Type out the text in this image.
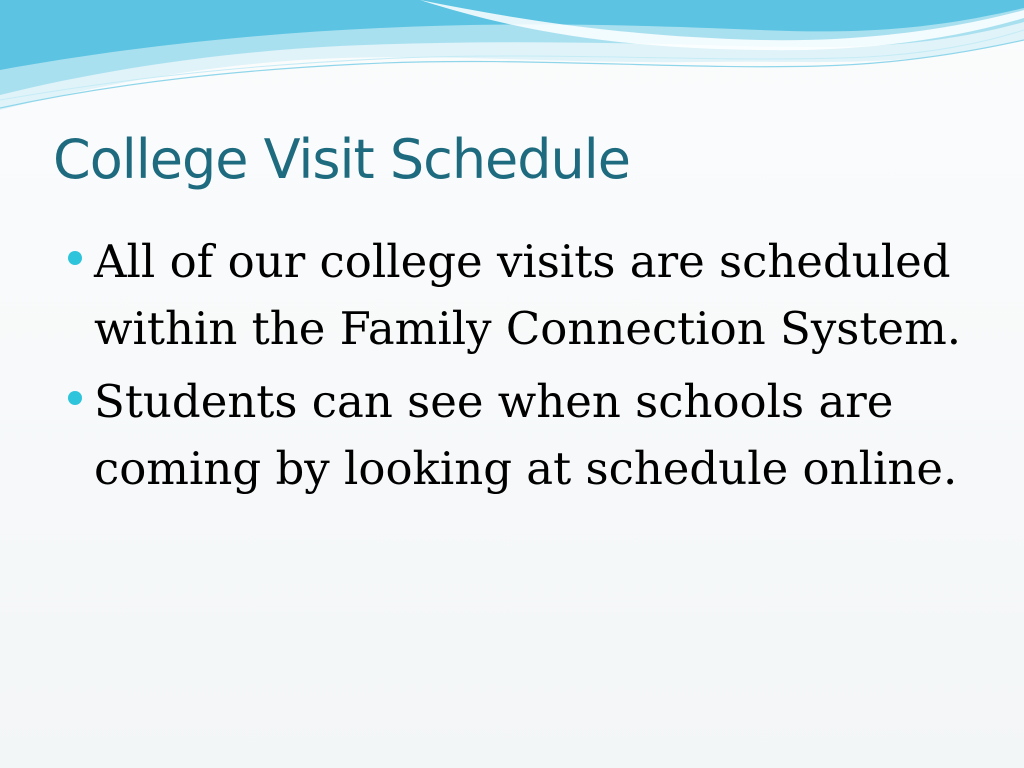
College Visit Schedule
All of our college visits are scheduled within the Family Connection System.
Students can see when schools are coming by looking at schedule online.
